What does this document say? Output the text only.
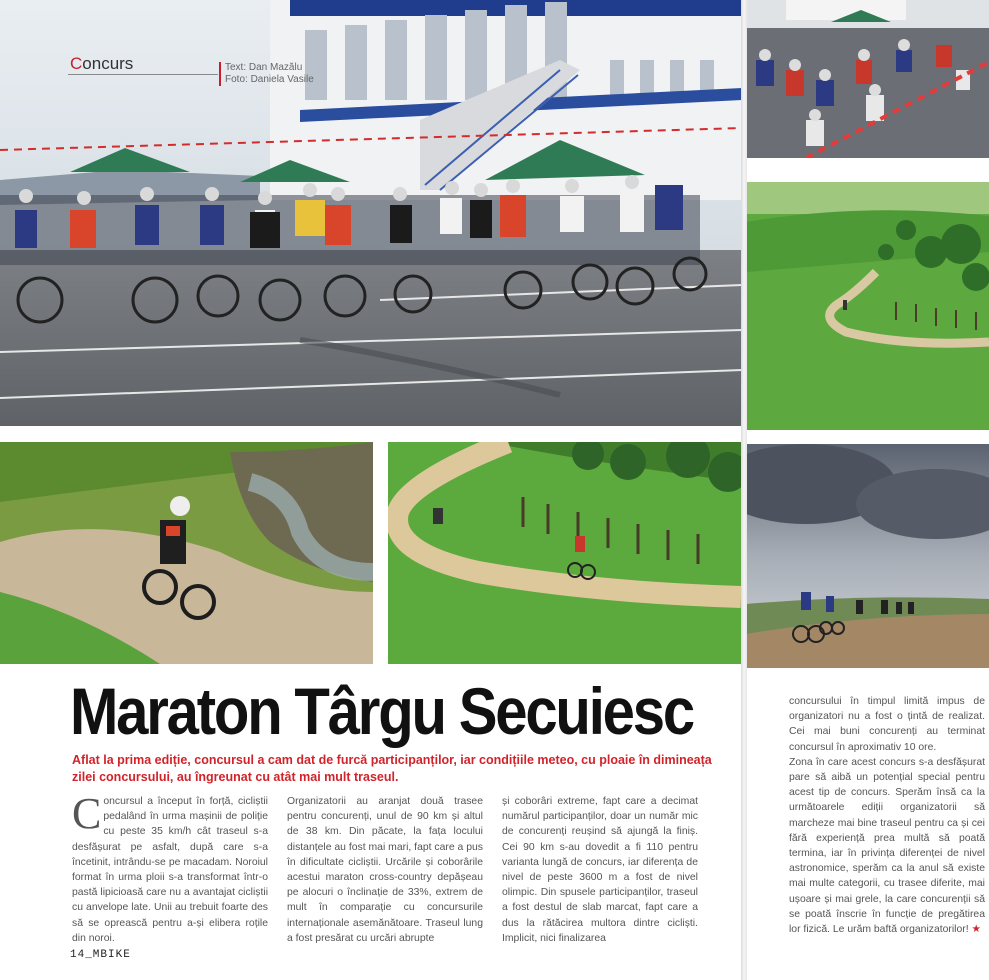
Concurs	Text: Dan Mazălu
Foto: Daniela Vasile
Maraton Târgu Secuiesc

Aflat la prima ediție, concursul a cam dat de furcă participanților, iar condițiile meteo, cu ploaie în dimineața zilei concursului, au îngreunat cu atât mai mult traseul.

Concursul a început în forță, cicliștii pedalând în urma mașinii de poliție cu peste 35 km/h cât traseul s-a desfășurat pe asfalt, după care s-a încetinit, intrându-se pe macadam. Noroiul format în urma ploii s-a transformat într-o pastă lipicioasă care nu a avantajat cicliștii cu anvelope late. Unii au trebuit foarte des să se oprească pentru a-și elibera roțile din noroi.

Organizatorii au aranjat două trasee pentru concurenți, unul de 90 km și altul de 38 km. Din păcate, la fața locului distanțele au fost mai mari, fapt care a pus în dificultate cicliștii. Urcările și coborârile acestui maraton cross-country depășeau pe alocuri o înclinație de 33%, extrem de mult în comparație cu concursurile internaționale asemănătoare. Traseul lung a fost presărat cu urcări abrupte

și coborâri extreme, fapt care a decimat numărul participanților, doar un număr mic de concurenți reușind să ajungă la finiș. Cei 90 km s-au dovedit a fi 110 pentru varianta lungă de concurs, iar diferența de nivel de peste 3600 m a fost de nivel olimpic. Din spusele participanților, traseul a fost destul de slab marcat, fapt care a dus la rătăcirea multora dintre cicliști. Implicit, nici finalizarea

concursului în timpul limită impus de organizatori nu a fost o țintă de realizat. Cei mai buni concurenți au terminat concursul în aproximativ 10 ore.

Zona în care acest concurs s-a desfășurat pare să aibă un potențial special pentru acest tip de concurs. Sperăm însă ca la următoarele ediții organizatorii să marcheze mai bine traseul pentru ca și cei fără experiență prea multă să poată termina, iar în privința diferenței de nivel astronomice, sperăm ca la anul să existe mai multe categorii, cu trasee diferite, mai ușoare și mai grele, la care concurenții să se poată înscrie în funcție de pregătirea lor fizică. Le urăm baftă organizatorilor! ★

14_MBIKE
